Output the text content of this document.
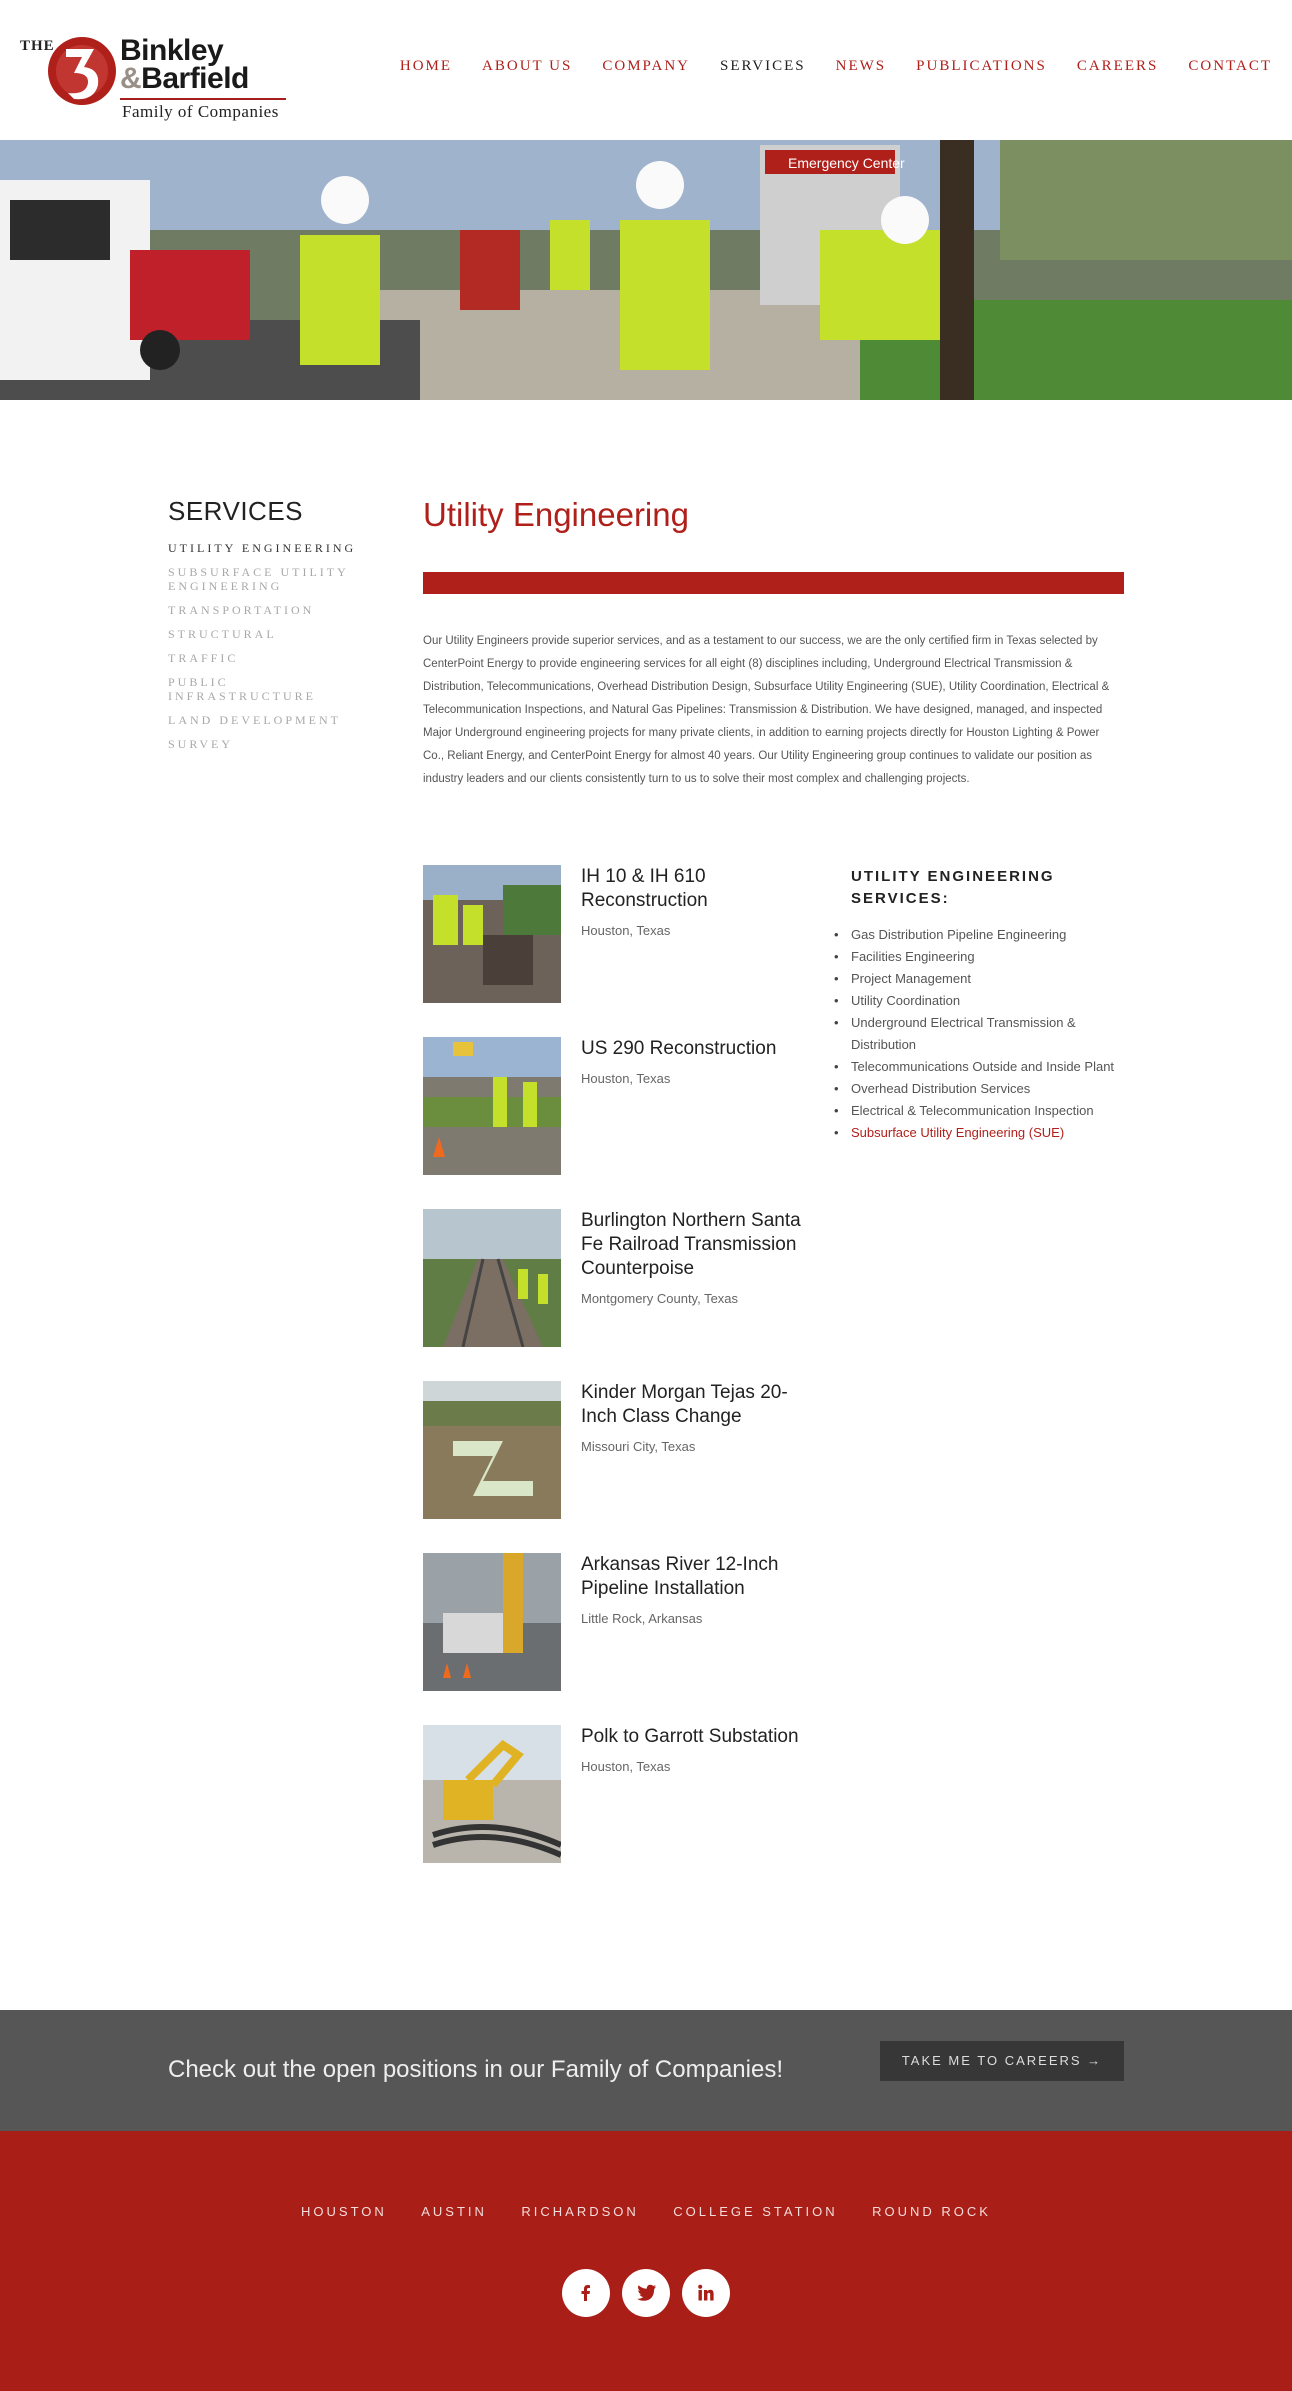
THE Binkley
&Barfield
Family of Companies
HOME ABOUT US COMPANY SERVICES NEWS PUBLICATIONS CAREERS CONTACT
Emergency Center
SERVICES
UTILITY ENGINEERING
SUBSURFACE UTILITY ENGINEERING
TRANSPORTATION
STRUCTURAL
TRAFFIC
PUBLIC INFRASTRUCTURE
LAND DEVELOPMENT
SURVEY
Utility Engineering

Our Utility Engineers provide superior services, and as a testament to our success, we are the only certified firm in Texas selected by CenterPoint Energy to provide engineering services for all eight (8) disciplines including, Underground Electrical Transmission & Distribution, Telecommunications, Overhead Distribution Design, Subsurface Utility Engineering (SUE), Utility Coordination, Electrical & Telecommunication Inspections, and Natural Gas Pipelines: Transmission & Distribution. We have designed, managed, and inspected Major Underground engineering projects for many private clients, in addition to earning projects directly for Houston Lighting & Power Co., Reliant Energy, and CenterPoint Energy for almost 40 years. Our Utility Engineering group continues to validate our position as industry leaders and our clients consistently turn to us to solve their most complex and challenging projects.

IH 10 & IH 610 Reconstruction
Houston, Texas
US 290 Reconstruction
Houston, Texas
Burlington Northern Santa Fe Railroad Transmission Counterpoise
Montgomery County, Texas
Kinder Morgan Tejas 20-Inch Class Change
Missouri City, Texas
Arkansas River 12-Inch Pipeline Installation
Little Rock, Arkansas
Polk to Garrott Substation
Houston, Texas
UTILITY ENGINEERING SERVICES:
• Gas Distribution Pipeline Engineering
• Facilities Engineering
• Project Management
• Utility Coordination
• Underground Electrical Transmission & Distribution
• Telecommunications Outside and Inside Plant
• Overhead Distribution Services
• Electrical & Telecommunication Inspection
• Subsurface Utility Engineering (SUE)
Check out the open positions in our Family of Companies!	TAKE ME TO CAREERS →
HOUSTON	AUSTIN	RICHARDSON	COLLEGE STATION	ROUND ROCK
